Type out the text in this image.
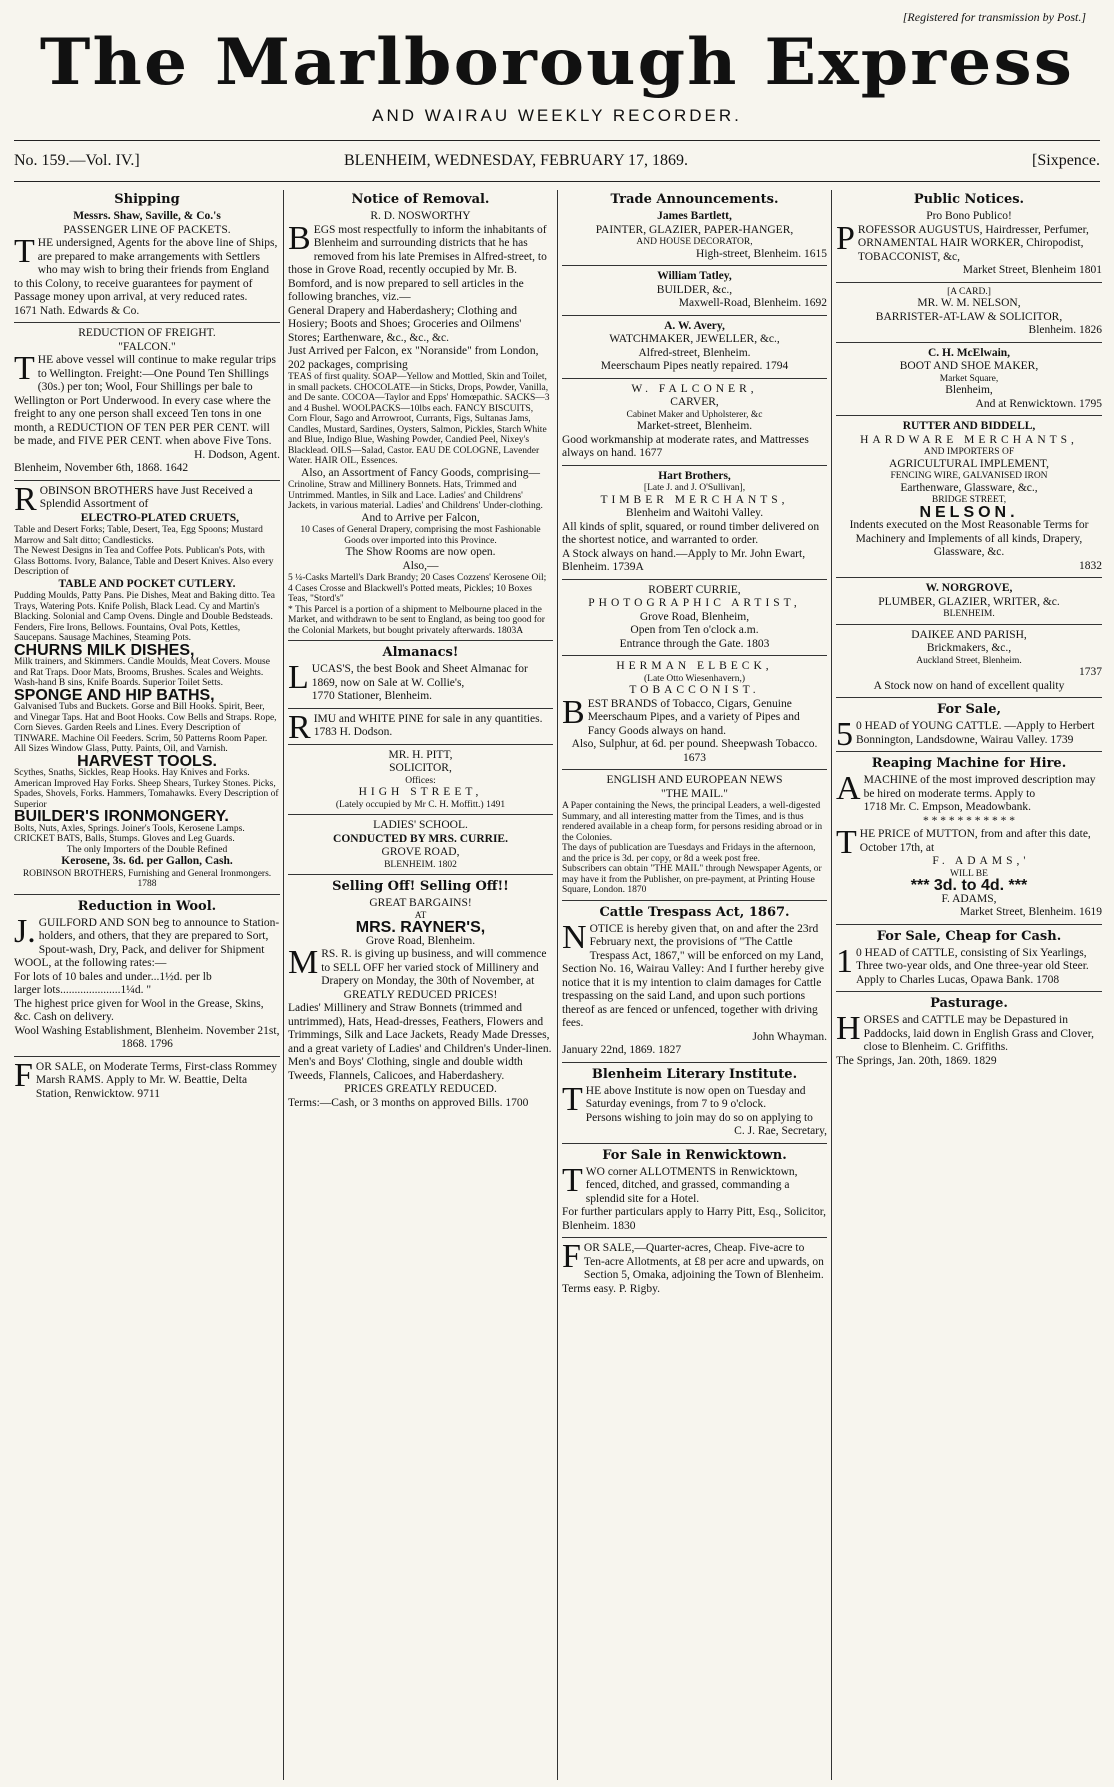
[Registered for transmission by Post.]
The Marlborough Express
AND WAIRAU WEEKLY RECORDER.
No. 159.—Vol. IV.]	BLENHEIM, WEDNESDAY, FEBRUARY 17, 1869.	[Sixpence.
Shipping

Messrs. Shaw, Saville, & Co.'s

PASSENGER LINE OF PACKETS.

THE undersigned, Agents for the above line of Ships, are prepared to make arrangements with Settlers who may wish to bring their friends from England to this Colony, to receive guarantees for payment of Passage money upon arrival, at very reduced rates.

1671 Nath. Edwards & Co.

REDUCTION OF FREIGHT.

"FALCON."

THE above vessel will continue to make regular trips to Wellington. Freight:—One Pound Ten Shillings (30s.) per ton; Wool, Four Shillings per bale to Wellington or Port Underwood. In every case where the freight to any one person shall exceed Ten tons in one month, a REDUCTION OF TEN PER PER CENT. will be made, and FIVE PER CENT. when above Five Tons.

H. Dodson, Agent.

Blenheim, November 6th, 1868. 1642

ROBINSON BROTHERS have Just Received a Splendid Assortment of

ELECTRO-PLATED CRUETS,

Table and Desert Forks; Table, Desert, Tea, Egg Spoons; Mustard Marrow and Salt ditto; Candlesticks.

The Newest Designs in Tea and Coffee Pots. Publican's Pots, with Glass Bottoms. Ivory, Balance, Table and Desert Knives. Also every Description of

TABLE AND POCKET CUTLERY.

Pudding Moulds, Patty Pans. Pie Dishes, Meat and Baking ditto. Tea Trays, Watering Pots. Knife Polish, Black Lead. Cy and Martin's Blacking. Solonial and Camp Ovens. Dingle and Double Bedsteads. Fenders, Fire Irons, Bellows. Fountains, Oval Pots, Kettles, Saucepans. Sausage Machines, Steaming Pots.

CHURNS MILK DISHES,

Milk trainers, and Skimmers. Candle Moulds, Meat Covers. Mouse and Rat Traps. Door Mats, Brooms, Brushes. Scales and Weights. Wash-hand B sins, Knife Boards. Superior Toilet Setts.

SPONGE AND HIP BATHS,

Galvanised Tubs and Buckets. Gorse and Bill Hooks. Spirit, Beer, and Vinegar Taps. Hat and Boot Hooks. Cow Bells and Straps. Rope, Corn Sieves. Garden Reels and Lines. Every Description of TINWARE. Machine Oil Feeders. Scrim, 50 Patterns Room Paper. All Sizes Window Glass, Putty. Paints, Oil, and Varnish.

HARVEST TOOLS.

Scythes, Snaths, Sickles, Reap Hooks. Hay Knives and Forks. American Improved Hay Forks. Sheep Shears, Turkey Stones. Picks, Spades, Shovels, Forks. Hammers, Tomahawks. Every Description of Superior

BUILDER'S IRONMONGERY.

Bolts, Nuts, Axles, Springs. Joiner's Tools, Kerosene Lamps. CRICKET BATS, Balls, Stumps. Gloves and Leg Guards.

The only Importers of the Double Refined

Kerosene, 3s. 6d. per Gallon, Cash.

ROBINSON BROTHERS, Furnishing and General Ironmongers. 1788

Reduction in Wool.

J.GUILFORD AND SON beg to announce to Station-holders, and others, that they are prepared to Sort, Spout-wash, Dry, Pack, and deliver for Shipment WOOL, at the following rates:—

For lots of 10 bales and under...1½d. per lb

larger lots.....................1¼d. "

The highest price given for Wool in the Grease, Skins, &c. Cash on delivery.

Wool Washing Establishment, Blenheim. November 21st, 1868. 1796

FOR SALE, on Moderate Terms, First-class Rommey Marsh RAMS. Apply to Mr. W. Beattie, Delta Station, Renwicktow. 9711

Notice of Removal.

R. D. NOSWORTHY

BEGS most respectfully to inform the inhabitants of Blenheim and surrounding districts that he has removed from his late Premises in Alfred-street, to those in Grove Road, recently occupied by Mr. B. Bomford, and is now prepared to sell articles in the following branches, viz.—

General Drapery and Haberdashery; Clothing and Hosiery; Boots and Shoes; Groceries and Oilmens' Stores; Earthenware, &c., &c., &c.

Just Arrived per Falcon, ex "Noranside" from London, 202 packages, comprising

TEAS of first quality. SOAP—Yellow and Mottled, Skin and Toilet, in small packets. CHOCOLATE—in Sticks, Drops, Powder, Vanilla, and De sante. COCOA—Taylor and Epps' Homœpathic. SACKS—3 and 4 Bushel. WOOLPACKS—10lbs each. FANCY BISCUITS, Corn Flour, Sago and Arrowroot, Currants, Figs, Sultanas Jams, Candles, Mustard, Sardines, Oysters, Salmon, Pickles, Starch White and Blue, Indigo Blue, Washing Powder, Candied Peel, Nixey's Blacklead. OILS—Salad, Castor. EAU DE COLOGNE, Lavender Water. HAIR OIL, Essences.

Also, an Assortment of Fancy Goods, comprising—

Crinoline, Straw and Millinery Bonnets. Hats, Trimmed and Untrimmed. Mantles, in Silk and Lace. Ladies' and Childrens' Jackets, in various material. Ladies' and Childrens' Under-clothing.

And to Arrive per Falcon,

10 Cases of General Drapery, comprising the most Fashionable Goods over imported into this Province.

The Show Rooms are now open.

Also,—

5 ¼-Casks Martell's Dark Brandy; 20 Cases Cozzens' Kerosene Oil; 4 Cases Crosse and Blackwell's Potted meats, Pickles; 10 Boxes Teas, "Stord's"

* This Parcel is a portion of a shipment to Melbourne placed in the Market, and withdrawn to be sent to England, as being too good for the Colonial Markets, but bought privately afterwards. 1803A

Almanacs!

LUCAS'S, the best Book and Sheet Almanac for 1869, now on Sale at W. Collie's,

1770 Stationer, Blenheim.

RIMU and WHITE PINE for sale in any quantities.

1783 H. Dodson.

MR. H. PITT,

SOLICITOR,

Offices:

HIGH STREET,

(Lately occupied by Mr C. H. Moffitt.) 1491

LADIES' SCHOOL.

CONDUCTED BY MRS. CURRIE.

GROVE ROAD,

BLENHEIM. 1802

Selling Off! Selling Off!!

GREAT BARGAINS!

AT

MRS. RAYNER'S,

Grove Road, Blenheim.

MRS. R. is giving up business, and will commence to SELL OFF her varied stock of Millinery and Drapery on Monday, the 30th of November, at

GREATLY REDUCED PRICES!

Ladies' Millinery and Straw Bonnets (trimmed and untrimmed), Hats, Head-dresses, Feathers, Flowers and Trimmings, Silk and Lace Jackets, Ready Made Dresses, and a great variety of Ladies' and Children's Under-linen. Men's and Boys' Clothing, single and double width Tweeds, Flannels, Calicoes, and Haberdashery.

PRICES GREATLY REDUCED.

Terms:—Cash, or 3 months on approved Bills. 1700

Trade Announcements.

James Bartlett,

PAINTER, GLAZIER, PAPER-HANGER,

AND HOUSE DECORATOR,

High-street, Blenheim. 1615

William Tatley,

BUILDER, &c.,

Maxwell-Road, Blenheim. 1692

A. W. Avery,

WATCHMAKER, JEWELLER, &c.,

Alfred-street, Blenheim.

Meerschaum Pipes neatly repaired. 1794

W. FALCONER,

CARVER,

Cabinet Maker and Upholsterer, &c

Market-street, Blenheim.

Good workmanship at moderate rates, and Mattresses always on hand. 1677

Hart Brothers,

[Late J. and J. O'Sullivan],

TIMBER MERCHANTS,

Blenheim and Waitohi Valley.

All kinds of split, squared, or round timber delivered on the shortest notice, and warranted to order.

A Stock always on hand.—Apply to Mr. John Ewart, Blenheim. 1739A

ROBERT CURRIE,

PHOTOGRAPHIC ARTIST,

Grove Road, Blenheim,

Open from Ten o'clock a.m.

Entrance through the Gate. 1803

HERMAN ELBECK,

(Late Otto Wiesenhavern,)

TOBACCONIST.

BEST BRANDS of Tobacco, Cigars, Genuine Meerschaum Pipes, and a variety of Pipes and Fancy Goods always on hand.

Also, Sulphur, at 6d. per pound. Sheepwash Tobacco. 1673

ENGLISH AND EUROPEAN NEWS

"THE MAIL."

A Paper containing the News, the principal Leaders, a well-digested Summary, and all interesting matter from the Times, and is thus rendered available in a cheap form, for persons residing abroad or in the Colonies.

The days of publication are Tuesdays and Fridays in the afternoon, and the price is 3d. per copy, or 8d a week post free.

Subscribers can obtain "THE MAIL" through Newspaper Agents, or may have it from the Publisher, on pre-payment, at Printing House Square, London. 1870

Cattle Trespass Act, 1867.

NOTICE is hereby given that, on and after the 23rd February next, the provisions of "The Cattle Trespass Act, 1867," will be enforced on my Land, Section No. 16, Wairau Valley: And I further hereby give notice that it is my intention to claim damages for Cattle trespassing on the said Land, and upon such portions thereof as are fenced or unfenced, together with driving fees.

John Whayman.

January 22nd, 1869. 1827

Blenheim Literary Institute.

THE above Institute is now open on Tuesday and Saturday evenings, from 7 to 9 o'clock.

Persons wishing to join may do so on applying to

C. J. Rae, Secretary,

For Sale in Renwicktown.

TWO corner ALLOTMENTS in Renwicktown, fenced, ditched, and grassed, commanding a splendid site for a Hotel.

For further particulars apply to Harry Pitt, Esq., Solicitor, Blenheim. 1830

FOR SALE,—Quarter-acres, Cheap. Five-acre to Ten-acre Allotments, at £8 per acre and upwards, on Section 5, Omaka, adjoining the Town of Blenheim. Terms easy. P. Rigby.

Public Notices.

Pro Bono Publico!

PROFESSOR AUGUSTUS, Hairdresser, Perfumer, ORNAMENTAL HAIR WORKER, Chiropodist, TOBACCONIST, &c,

Market Street, Blenheim 1801

[A CARD.]

MR. W. M. NELSON,

BARRISTER-AT-LAW & SOLICITOR,

Blenheim. 1826

C. H. McElwain,

BOOT AND SHOE MAKER,

Market Square,

Blenheim,

And at Renwicktown. 1795

RUTTER AND BIDDELL,

HARDWARE MERCHANTS,

AND IMPORTERS OF

AGRICULTURAL IMPLEMENT,

FENCING WIRE, GALVANISED IRON

Earthenware, Glassware, &c.,

BRIDGE STREET,

NELSON.

Indents executed on the Most Reasonable Terms for Machinery and Implements of all kinds, Drapery, Glassware, &c.

1832

W. NORGROVE,

PLUMBER, GLAZIER, WRITER, &c.

BLENHEIM.

DAIKEE AND PARISH,

Brickmakers, &c.,

Auckland Street, Blenheim.

1737

A Stock now on hand of excellent quality

For Sale,

50 HEAD of YOUNG CATTLE. —Apply to Herbert Bonnington, Landsdowne, Wairau Valley. 1739

Reaping Machine for Hire.

AMACHINE of the most improved description may be hired on moderate terms. Apply to

1718 Mr. C. Empson, Meadowbank.

* * * * * * * * * * *

THE PRICE of MUTTON, from and after this date, October 17th, at

F. ADAMS,'

WILL BE

*** 3d. to 4d. ***

F. ADAMS,

Market Street, Blenheim. 1619

For Sale, Cheap for Cash.

10 HEAD of CATTLE, consisting of Six Yearlings, Three two-year olds, and One three-year old Steer.

Apply to Charles Lucas, Opawa Bank. 1708

Pasturage.

HORSES and CATTLE may be Depastured in Paddocks, laid down in English Grass and Clover, close to Blenheim. C. Griffiths.

The Springs, Jan. 20th, 1869. 1829
